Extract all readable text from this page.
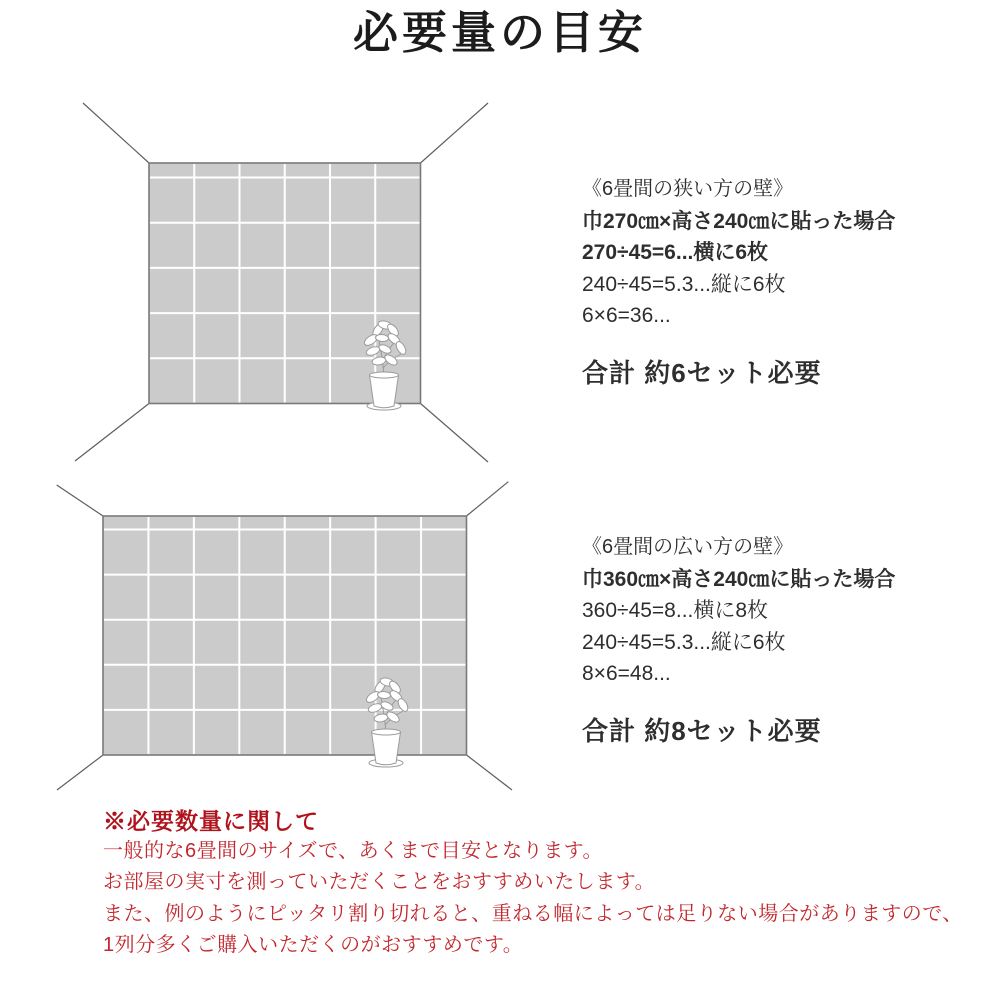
必要量の目安
《6畳間の狭い方の壁》
巾270㎝×高さ240㎝に貼った場合
270÷45=6...横に6枚
240÷45=5.3...縦に6枚
6×6=36...
合計 約6セット必要
《6畳間の広い方の壁》
巾360㎝×高さ240㎝に貼った場合
360÷45=8...横に8枚
240÷45=5.3...縦に6枚
8×6=48...
合計 約8セット必要
※必要数量に関して
一般的な6畳間のサイズで、あくまで目安となります。
お部屋の実寸を測っていただくことをおすすめいたします。
また、例のようにピッタリ割り切れると、重ねる幅によっては足りない場合がありますので、
1列分多くご購入いただくのがおすすめです。
